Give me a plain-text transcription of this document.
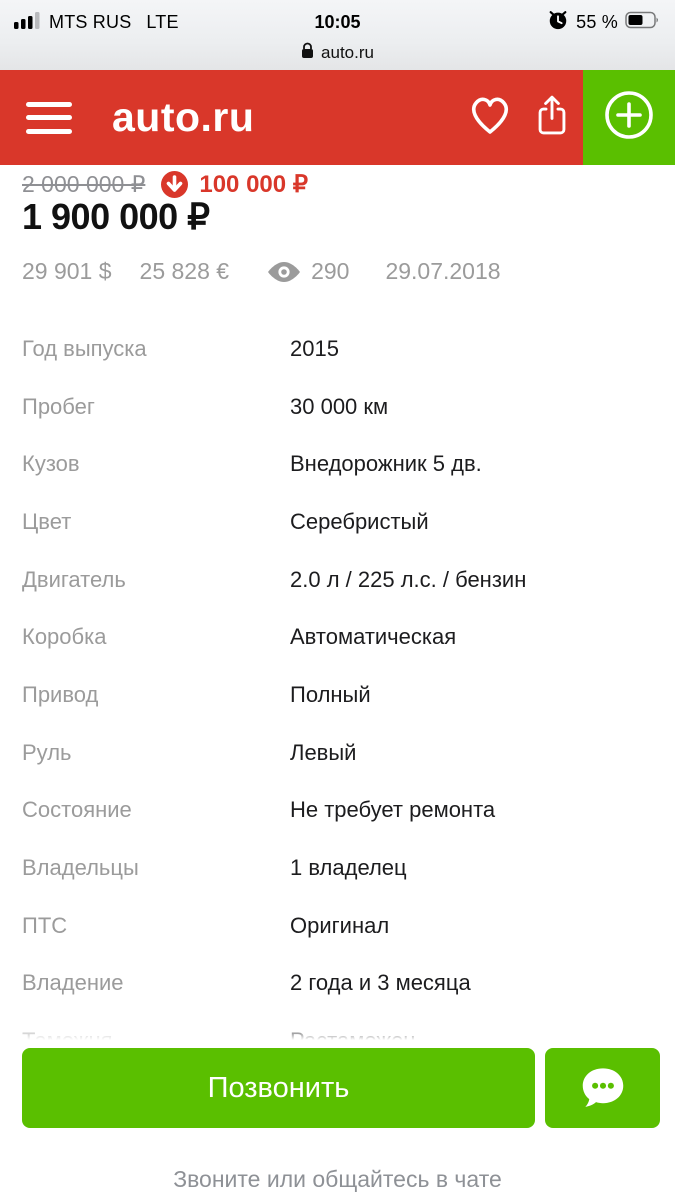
MTS RUS LTE	10:05	55 %
auto.ru
auto.ru
2 000 000 ₽ 100 000 ₽
1 900 000 ₽
29 901 $ 25 828 €	290 29.07.2018
Год выпуска	2015
Пробег	30 000 км
Кузов	Внедорожник 5 дв.
Цвет	Серебристый
Двигатель	2.0 л / 225 л.с. / бензин
Коробка	Автоматическая
Привод	Полный
Руль	Левый
Состояние	Не требует ремонта
Владельцы	1 владелец
ПТС	Оригинал
Владение	2 года и 3 месяца
Позвонить
Звоните или общайтесь в чате
